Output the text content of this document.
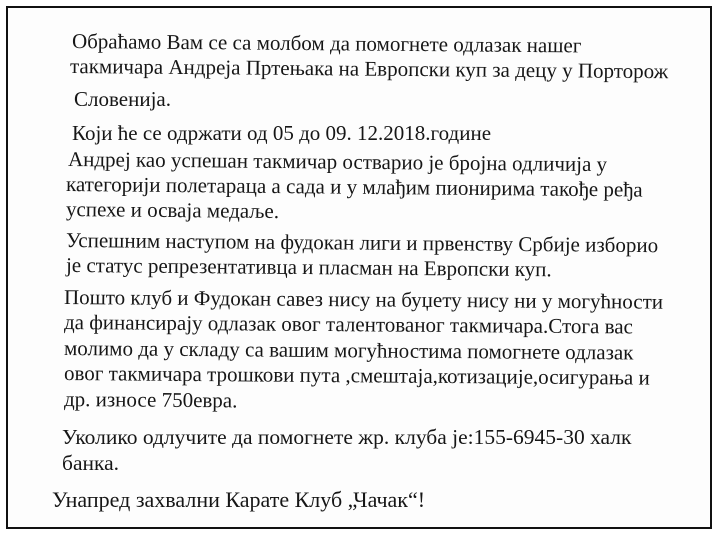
Обраћамо Вам се са молбом да помогнете одлазак нашег

такмичара Андреја Пртењака на Европски куп за децу у Порторож

Словенија.

Који ће се одржати од 05 до 09. 12.2018.године

Андреј као успешан такмичар остварио је бројна одличија у

категорији полетараца а сада и у млађим пионирима такође ређа

успехе и осваја медаље.

Успешним наступом на фудокан лиги и првенству Србије изборио

је статус репрезентативца и пласман на Европски куп.

Пошто клуб и Фудокан савез нису на буџету нису ни у могућности

да финансирају одлазак овог талентованог такмичара.Стога вас

молимо да у складу са вашим могућностима помогнете одлазак

овог такмичара трошкови пута ,смештаја,котизације,осигурања и

др. износе 750евра.

Уколико одлучите да помогнете жр. клуба је:155-6945-30 халк

банка.

Унапред захвални Карате Клуб „Чачак“!
